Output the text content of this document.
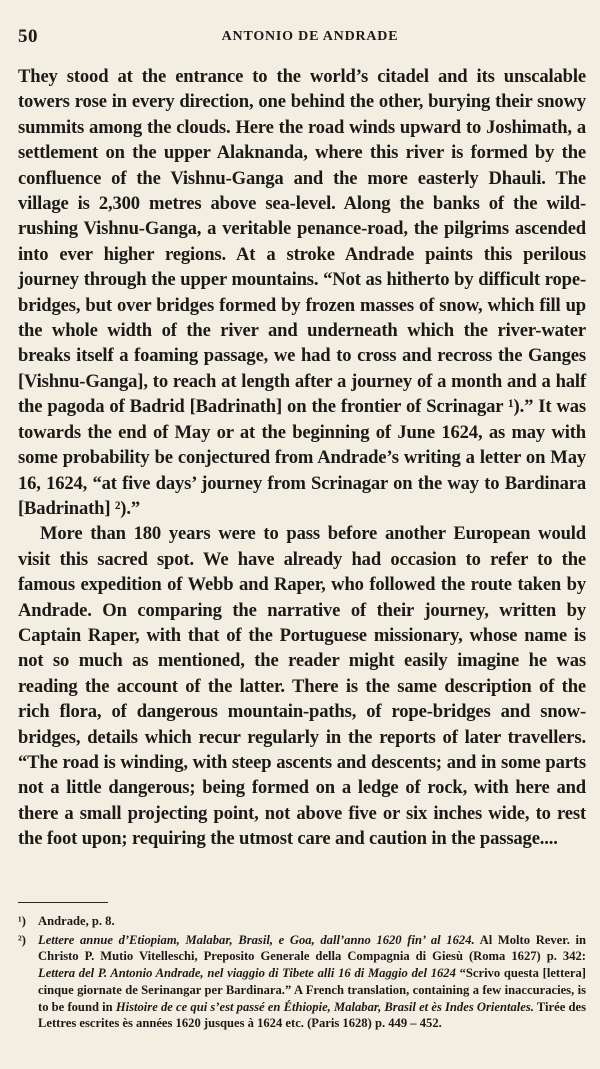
50	ANTONIO DE ANDRADE

They stood at the entrance to the world’s citadel and its unscalable towers rose in every direction, one behind the other, burying their snowy summits among the clouds. Here the road winds upward to Joshimath, a settlement on the upper Alaknanda, where this river is formed by the confluence of the Vishnu-Ganga and the more easterly Dhauli. The village is 2,300 metres above sea-level. Along the banks of the wild-rushing Vishnu-Ganga, a veritable penance-road, the pilgrims ascended into ever higher regions. At a stroke Andrade paints this perilous journey through the upper mountains. “Not as hitherto by difficult rope-bridges, but over bridges formed by frozen masses of snow, which fill up the whole width of the river and underneath which the river-water breaks itself a foaming passage, we had to cross and recross the Ganges [Vishnu-Ganga], to reach at length after a journey of a month and a half the pagoda of Badrid [Badrinath] on the frontier of Scrinagar ¹).” It was towards the end of May or at the beginning of June 1624, as may with some probability be conjectured from Andrade’s writing a letter on May 16, 1624, “at five days’ journey from Scrinagar on the way to Bardinara [Badrinath] ²).”

More than 180 years were to pass before another European would visit this sacred spot. We have already had occasion to refer to the famous expedition of Webb and Raper, who followed the route taken by Andrade. On comparing the narrative of their journey, written by Captain Raper, with that of the Portuguese missionary, whose name is not so much as mentioned, the reader might easily imagine he was reading the account of the latter. There is the same description of the rich flora, of dangerous mountain-paths, of rope-bridges and snow-bridges, details which recur regularly in the reports of later travellers. “The road is winding, with steep ascents and descents; and in some parts not a little dangerous; being formed on a ledge of rock, with here and there a small projecting point, not above five or six inches wide, to rest the foot upon; requiring the utmost care and caution in the passage....

¹) Andrade, p. 8.

²) Lettere annue d’Etiopiam, Malabar, Brasil, e Goa, dall’anno 1620 fin’ al 1624. Al Molto Rever. in Christo P. Mutio Vitelleschi, Preposito Generale della Compagnia di Giesù (Roma 1627) p. 342: Lettera del P. Antonio Andrade, nel viaggio di Tibete alli 16 di Maggio del 1624 “Scrivo questa [lettera] cinque giornate de Serinangar per Bardinara.” A French translation, containing a few inaccuracies, is to be found in Histoire de ce qui s’est passé en Éthiopie, Malabar, Brasil et ès Indes Orientales. Tirée des Lettres escrites ès années 1620 jusques à 1624 etc. (Paris 1628) p. 449 – 452.
